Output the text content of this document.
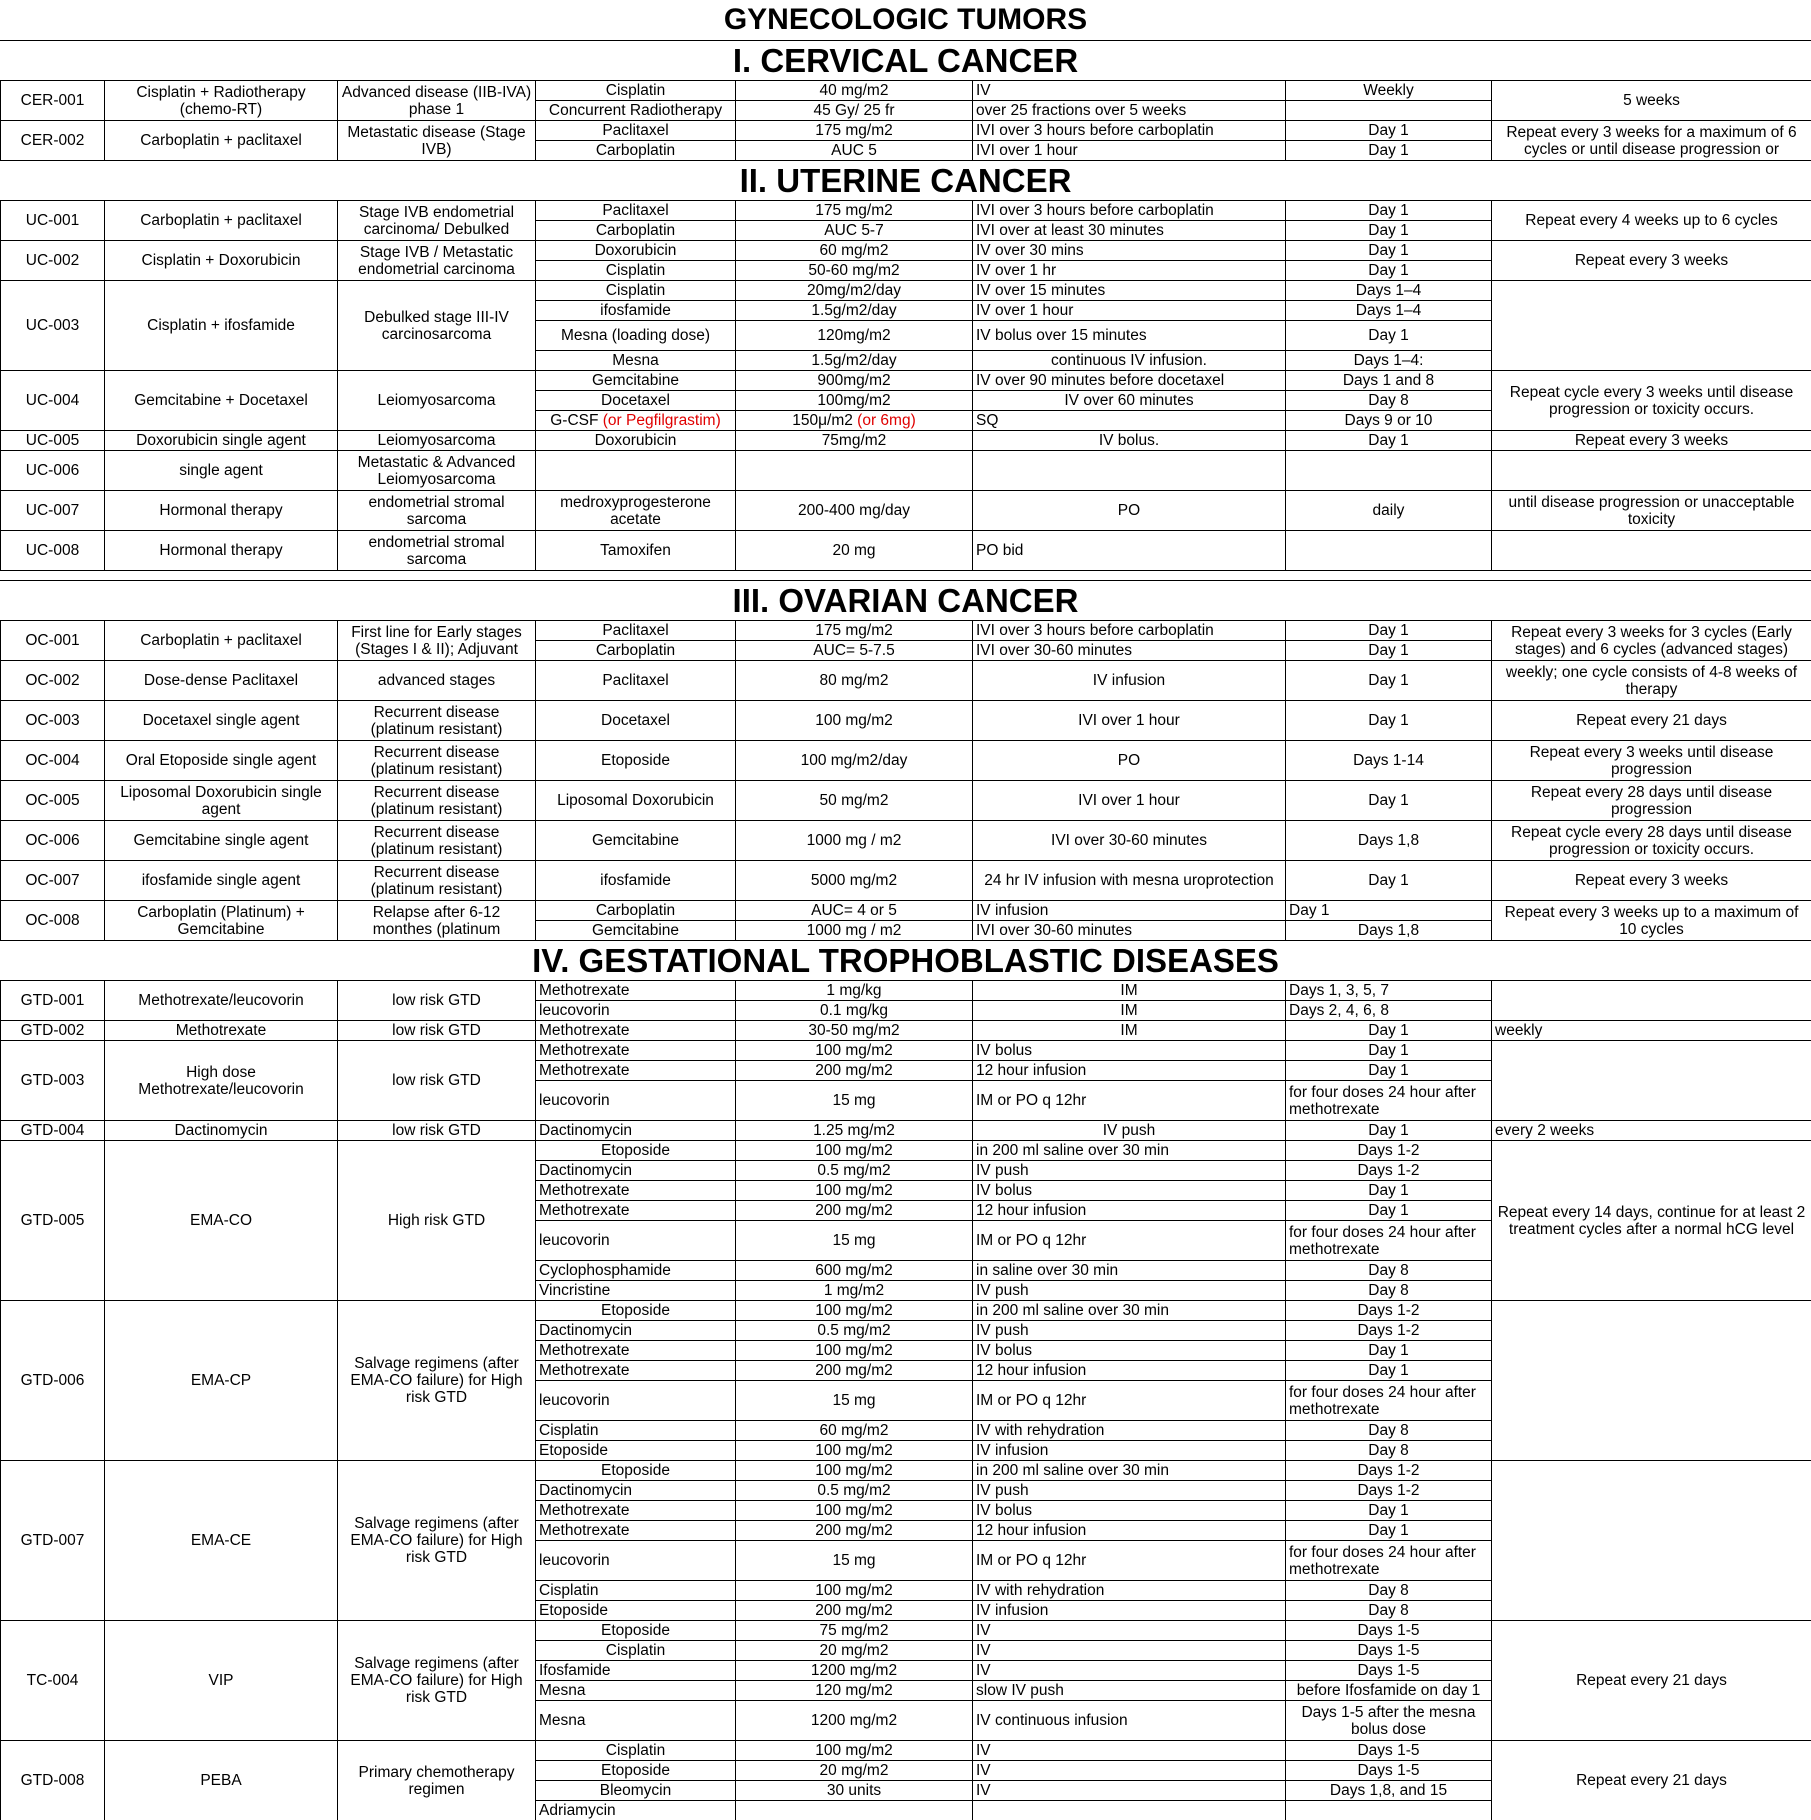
GYNECOLOGIC TUMORS
I. CERVICAL CANCER
CER-001	Cisplatin + Radiotherapy (chemo-RT)	Advanced disease (IIB-IVA) phase 1	Cisplatin	40 mg/m2	IV	Weekly	5 weeks
			Concurrent Radiotherapy	45 Gy/ 25 fr	over 25 fractions over 5 weeks		
CER-002	Carboplatin + paclitaxel	Metastatic disease (Stage IVB)	Paclitaxel	175 mg/m2	IVI over 3 hours before carboplatin	Day 1	Repeat every 3 weeks for a maximum of 6 cycles or until disease progression or
			Carboplatin	AUC 5	IVI over 1 hour	Day 1	
II. UTERINE CANCER
UC-001	Carboplatin + paclitaxel	Stage IVB endometrial carcinoma/ Debulked	Paclitaxel	175 mg/m2	IVI over 3 hours before carboplatin	Day 1	Repeat every 4 weeks up to 6 cycles
			Carboplatin	AUC 5-7	IVI over at least 30 minutes	Day 1	
UC-002	Cisplatin + Doxorubicin	Stage IVB / Metastatic endometrial carcinoma	Doxorubicin	60 mg/m2	IV over 30 mins	Day 1	Repeat every 3 weeks
			Cisplatin	50-60 mg/m2	IV over 1 hr	Day 1	
UC-003	Cisplatin + ifosfamide	Debulked stage III-IV carcinosarcoma	Cisplatin	20mg/m2/day	IV over 15 minutes	Days 1–4	
			ifosfamide	1.5g/m2/day	IV over 1 hour	Days 1–4	
			Mesna (loading dose)	120mg/m2	IV bolus over 15 minutes	Day 1	
			Mesna	1.5g/m2/day	continuous IV infusion.	Days 1–4:	
UC-004	Gemcitabine + Docetaxel	Leiomyosarcoma	Gemcitabine	900mg/m2	IV over 90 minutes before docetaxel	Days 1 and 8	Repeat cycle every 3 weeks until disease progression or toxicity occurs.
			Docetaxel	100mg/m2	IV over 60 minutes	Day 8	
			G-CSF (or Pegfilgrastim)	150μ/m2 (or 6mg)	SQ	Days 9 or 10	
UC-005	Doxorubicin single agent	Leiomyosarcoma	Doxorubicin	75mg/m2	IV bolus.	Day 1	Repeat every 3 weeks
UC-006	single agent	Metastatic & Advanced Leiomyosarcoma					
UC-007	Hormonal therapy	endometrial stromal sarcoma	medroxyprogesterone acetate	200-400 mg/day	PO	daily	until disease progression or unacceptable toxicity
UC-008	Hormonal therapy	endometrial stromal sarcoma	Tamoxifen	20 mg	PO bid		
III. OVARIAN CANCER
OC-001	Carboplatin + paclitaxel	First line for Early stages (Stages I & II); Adjuvant	Paclitaxel	175 mg/m2	IVI over 3 hours before carboplatin	Day 1	Repeat every 3 weeks for 3 cycles (Early stages) and 6 cycles (advanced stages)
			Carboplatin	AUC= 5-7.5	IVI over 30-60 minutes	Day 1	
OC-002	Dose-dense Paclitaxel	advanced stages	Paclitaxel	80 mg/m2	IV infusion	Day 1	weekly; one cycle consists of 4-8 weeks of therapy
OC-003	Docetaxel single agent	Recurrent disease (platinum resistant)	Docetaxel	100 mg/m2	IVI over 1 hour	Day 1	Repeat every 21 days
OC-004	Oral Etoposide single agent	Recurrent disease (platinum resistant)	Etoposide	100 mg/m2/day	PO	Days 1-14	Repeat every 3 weeks until disease progression
OC-005	Liposomal Doxorubicin single agent	Recurrent disease (platinum resistant)	Liposomal Doxorubicin	50 mg/m2	IVI over 1 hour	Day 1	Repeat every 28 days until disease progression
OC-006	Gemcitabine single agent	Recurrent disease (platinum resistant)	Gemcitabine	1000 mg / m2	IVI over 30-60 minutes	Days 1,8	Repeat cycle every 28 days until disease progression or toxicity occurs.
OC-007	ifosfamide single agent	Recurrent disease (platinum resistant)	ifosfamide	5000 mg/m2	24 hr IV infusion with mesna uroprotection	Day 1	Repeat every 3 weeks
OC-008	Carboplatin (Platinum) + Gemcitabine	Relapse after 6-12 monthes (platinum	Carboplatin	AUC= 4 or 5	IV infusion	Day 1	Repeat every 3 weeks up to a maximum of 10 cycles
			Gemcitabine	1000 mg / m2	IVI over 30-60 minutes	Days 1,8	
IV. GESTATIONAL TROPHOBLASTIC DISEASES
GTD-001	Methotrexate/leucovorin	low risk GTD	Methotrexate	1 mg/kg	IM	Days 1, 3, 5, 7	
			leucovorin	0.1 mg/kg	IM	Days 2, 4, 6, 8	
GTD-002	Methotrexate	low risk GTD	Methotrexate	30-50 mg/m2	IM	Day 1	weekly
GTD-003	High dose Methotrexate/leucovorin	low risk GTD	Methotrexate	100 mg/m2	IV bolus	Day 1	
			Methotrexate	200 mg/m2	12 hour infusion	Day 1	
			leucovorin	15 mg	IM or PO q 12hr	for four doses 24 hour after methotrexate	
GTD-004	Dactinomycin	low risk GTD	Dactinomycin	1.25 mg/m2	IV push	Day 1	every 2 weeks
GTD-005	EMA-CO	High risk GTD	Etoposide	100 mg/m2	in 200 ml saline over 30 min	Days 1-2	Repeat every 14 days, continue for at least 2 treatment cycles after a normal hCG level
			Dactinomycin	0.5 mg/m2	IV push	Days 1-2	
			Methotrexate	100 mg/m2	IV bolus	Day 1	
			Methotrexate	200 mg/m2	12 hour infusion	Day 1	
			leucovorin	15 mg	IM or PO q 12hr	for four doses 24 hour after methotrexate	
			Cyclophosphamide	600 mg/m2	in saline over 30 min	Day 8	
			Vincristine	1 mg/m2	IV push	Day 8	
GTD-006	EMA-CP	Salvage regimens (after EMA-CO failure) for High risk GTD	Etoposide	100 mg/m2	in 200 ml saline over 30 min	Days 1-2	
			Dactinomycin	0.5 mg/m2	IV push	Days 1-2	
			Methotrexate	100 mg/m2	IV bolus	Day 1	
			Methotrexate	200 mg/m2	12 hour infusion	Day 1	
			leucovorin	15 mg	IM or PO q 12hr	for four doses 24 hour after methotrexate	
			Cisplatin	60 mg/m2	IV with rehydration	Day 8	
			Etoposide	100 mg/m2	IV infusion	Day 8	
GTD-007	EMA-CE	Salvage regimens (after EMA-CO failure) for High risk GTD	Etoposide	100 mg/m2	in 200 ml saline over 30 min	Days 1-2	
			Dactinomycin	0.5 mg/m2	IV push	Days 1-2	
			Methotrexate	100 mg/m2	IV bolus	Day 1	
			Methotrexate	200 mg/m2	12 hour infusion	Day 1	
			leucovorin	15 mg	IM or PO q 12hr	for four doses 24 hour after methotrexate	
			Cisplatin	100 mg/m2	IV with rehydration	Day 8	
			Etoposide	200 mg/m2	IV infusion	Day 8	
TC-004	VIP	Salvage regimens (after EMA-CO failure) for High risk GTD	Etoposide	75 mg/m2	IV	Days 1-5	Repeat every 21 days
			Cisplatin	20 mg/m2	IV	Days 1-5	
			Ifosfamide	1200 mg/m2	IV	Days 1-5	
			Mesna	120 mg/m2	slow IV push	before Ifosfamide on day 1	
			Mesna	1200 mg/m2	IV continuous infusion	Days 1-5 after the mesna bolus dose	
GTD-008	PEBA	Primary chemotherapy regimen	Cisplatin	100 mg/m2	IV	Days 1-5	Repeat every 21 days
			Etoposide	20 mg/m2	IV	Days 1-5	
			Bleomycin	30 units	IV	Days 1,8, and 15	
			Adriamycin				
